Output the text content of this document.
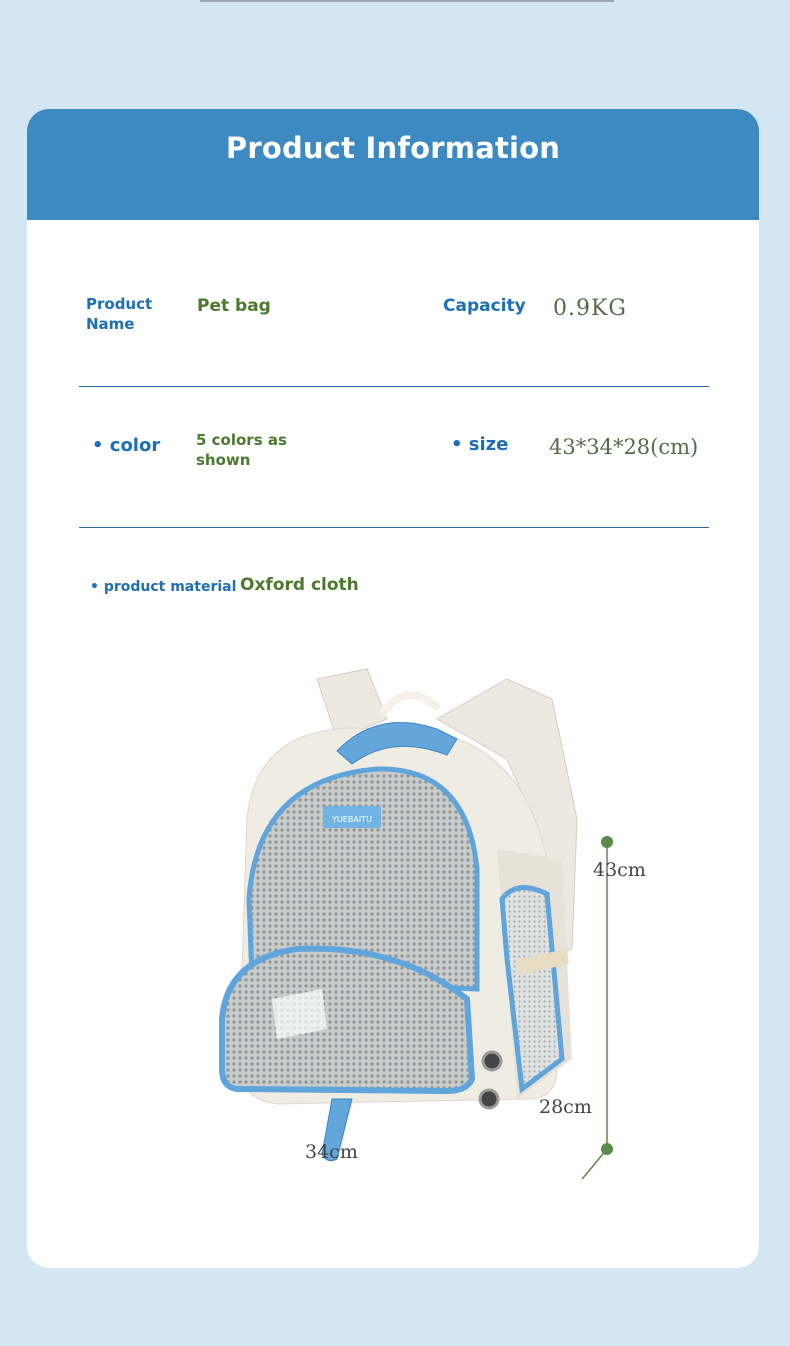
Product Information
Product Name
Pet bag	Capacity 0.9KG
• color 5 colors as shown
• size 43*34*28(cm)
• product material Oxford cloth
YUEBAITU
43cm
28cm
34cm
